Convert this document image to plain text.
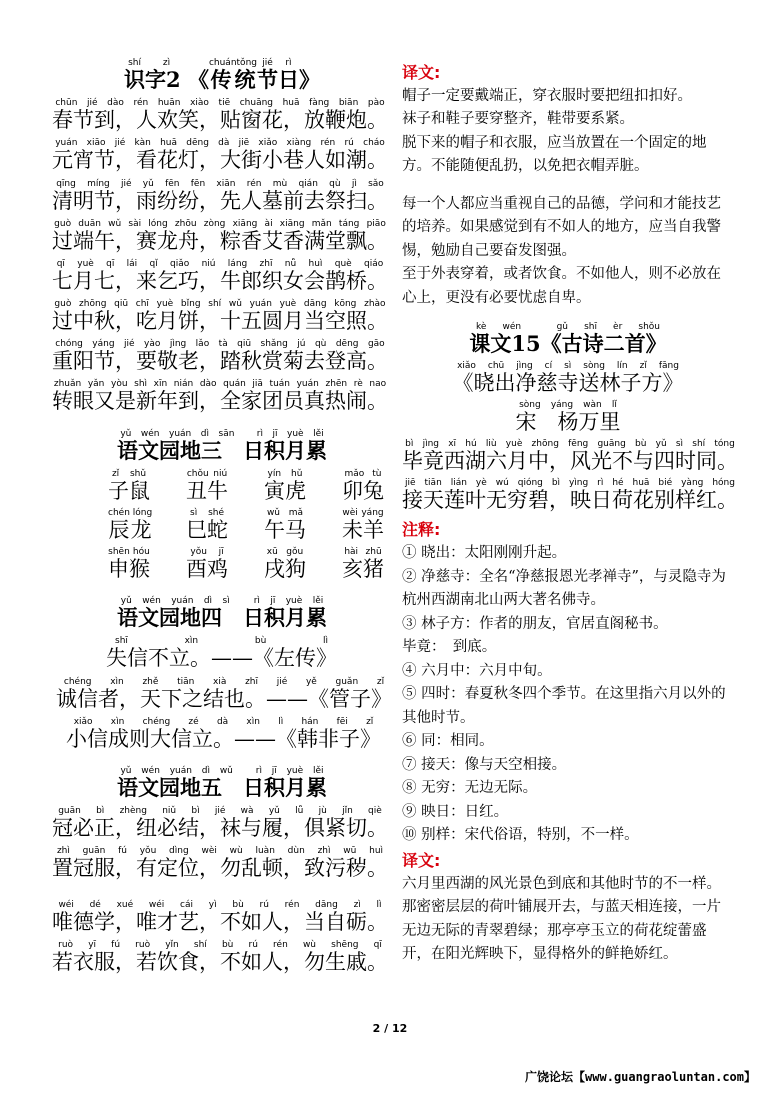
识shí字2 zì《传统chuántǒng节jié日rì》
春节到，人欢笑，贴窗花，放鞭炮。chūn jié dào rén huān xiào tiē chuāng huā fàng biān pào
元宵节，看花灯，大街小巷人如潮。yuán xiāo jié kàn huā dēng dà jiē xiǎo xiàng rén rú cháo
清明节，雨纷纷，先人墓前去祭扫。qīng míng jié yǔ fēn fēn xiān rén mù qián qù jì sǎo
过端午，赛龙舟，粽香艾香满堂飘。guò duān wǔ sài lóng zhōu zòng xiāng ài xiāng mǎn táng piāo
七月七，来乞巧，牛郎织女会鹊桥。qī yuè qī lái qǐ qiǎo niú láng zhī nǚ huì què qiáo
过中秋，吃月饼，十五圆月当空照。guò zhōng qiū chī yuè bǐng shí wǔ yuán yuè dāng kōng zhào
重阳节，要敬老，踏秋赏菊去登高。chóng yáng jié yào jìng lǎo tà qiū shǎng jú qù dēng gāo
转眼又是新年到，全家团员真热闹。zhuǎn yǎn yòu shì xīn nián dào quán jiā tuán yuán zhēn rè nao
语文园地三　日积月累yǔ wén yuán dì sān　rì jī yuè lěi
子鼠zǐ shǔ
丑牛chǒu niú
寅虎yín hǔ
卯兔mǎo tù
辰龙chén lóng
巳蛇sì shé
午马wǔ mǎ
未羊wèi yáng
申猴shēn hóu
酉鸡yǒu jī
戌狗xū gǒu
亥猪hài zhū
语文园地四　日积月累yǔ wén yuán dì sì　rì jī yuè lěi
失信不立。——《左传》shī xìn bù lì
诚信者，天下之结也。——《管子》chéng xìn zhě tiān xià zhī jié yě guǎn zǐ
小信成则大信立。——《韩非子》xiǎo xìn chéng zé dà xìn lì hán fēi zǐ
语文园地五　日积月累yǔ wén yuán dì wǔ　rì jī yuè lěi
冠必正，纽必结，袜与履，俱紧切。guān bì zhèng niǔ bì jié wà yǔ lǚ jù jǐn qiè
置冠服，有定位，勿乱顿，致污秽。zhì guān fú yǒu dìng wèi wù luàn dùn zhì wū huì
唯德学，唯才艺，不如人，当自砺。wéi dé xué wéi cái yì bù rú rén dāng zì lì
若衣服，若饮食，不如人，勿生戚。ruò yī fú ruò yǐn shí bù rú rén wù shēng qī
译文:

帽子一定要戴端正，穿衣服时要把纽扣扣好。

袜子和鞋子要穿整齐，鞋带要系紧。

脱下来的帽子和衣服，应当放置在一个固定的地方。不能随便乱扔，以免把衣帽弄脏。

每一个人都应当重视自己的品德，学问和才能技艺的培养。如果感觉到有不如人的地方，应当自我警惕，勉励自己要奋发图强。

至于外表穿着，或者饮食。不如他人，则不必放在心上，更没有必要忧虑自卑。

课文15《古诗二首》kè wén　gǔ shī èr shǒu
《晓出净慈寺送林子方》xiǎo chū jìng cí sì sòng lín zǐ fāng
宋　杨万里sòng yáng wàn lǐ
毕竟西湖六月中，风光不与四时同。bì jìng xī hú liù yuè zhōng fēng guāng bù yǔ sì shí tóng
接天莲叶无穷碧，映日荷花别样红。jiē tiān lián yè wú qióng bì yìng rì hé huā bié yàng hóng
注释:
① 晓出：太阳刚刚升起。
② 净慈寺：全名“净慈报恩光孝禅寺”，与灵隐寺为杭州西湖南北山两大著名佛寺。
③ 林子方：作者的朋友，官居直阁秘书。
毕竟：　到底。
④ 六月中：六月中旬。
⑤ 四时：春夏秋冬四个季节。在这里指六月以外的其他时节。
⑥ 同：相同。
⑦ 接天：像与天空相接。
⑧ 无穷：无边无际。
⑨ 映日：日红。
⑩ 别样：宋代俗语，特别，不一样。
译文:

六月里西湖的风光景色到底和其他时节的不一样。

那密密层层的荷叶铺展开去，与蓝天相连接，一片无边无际的青翠碧绿；那亭亭玉立的荷花绽蕾盛开，在阳光辉映下，显得格外的鲜艳娇红。

2 / 12
广饶论坛【www.guangraoluntan.com】
